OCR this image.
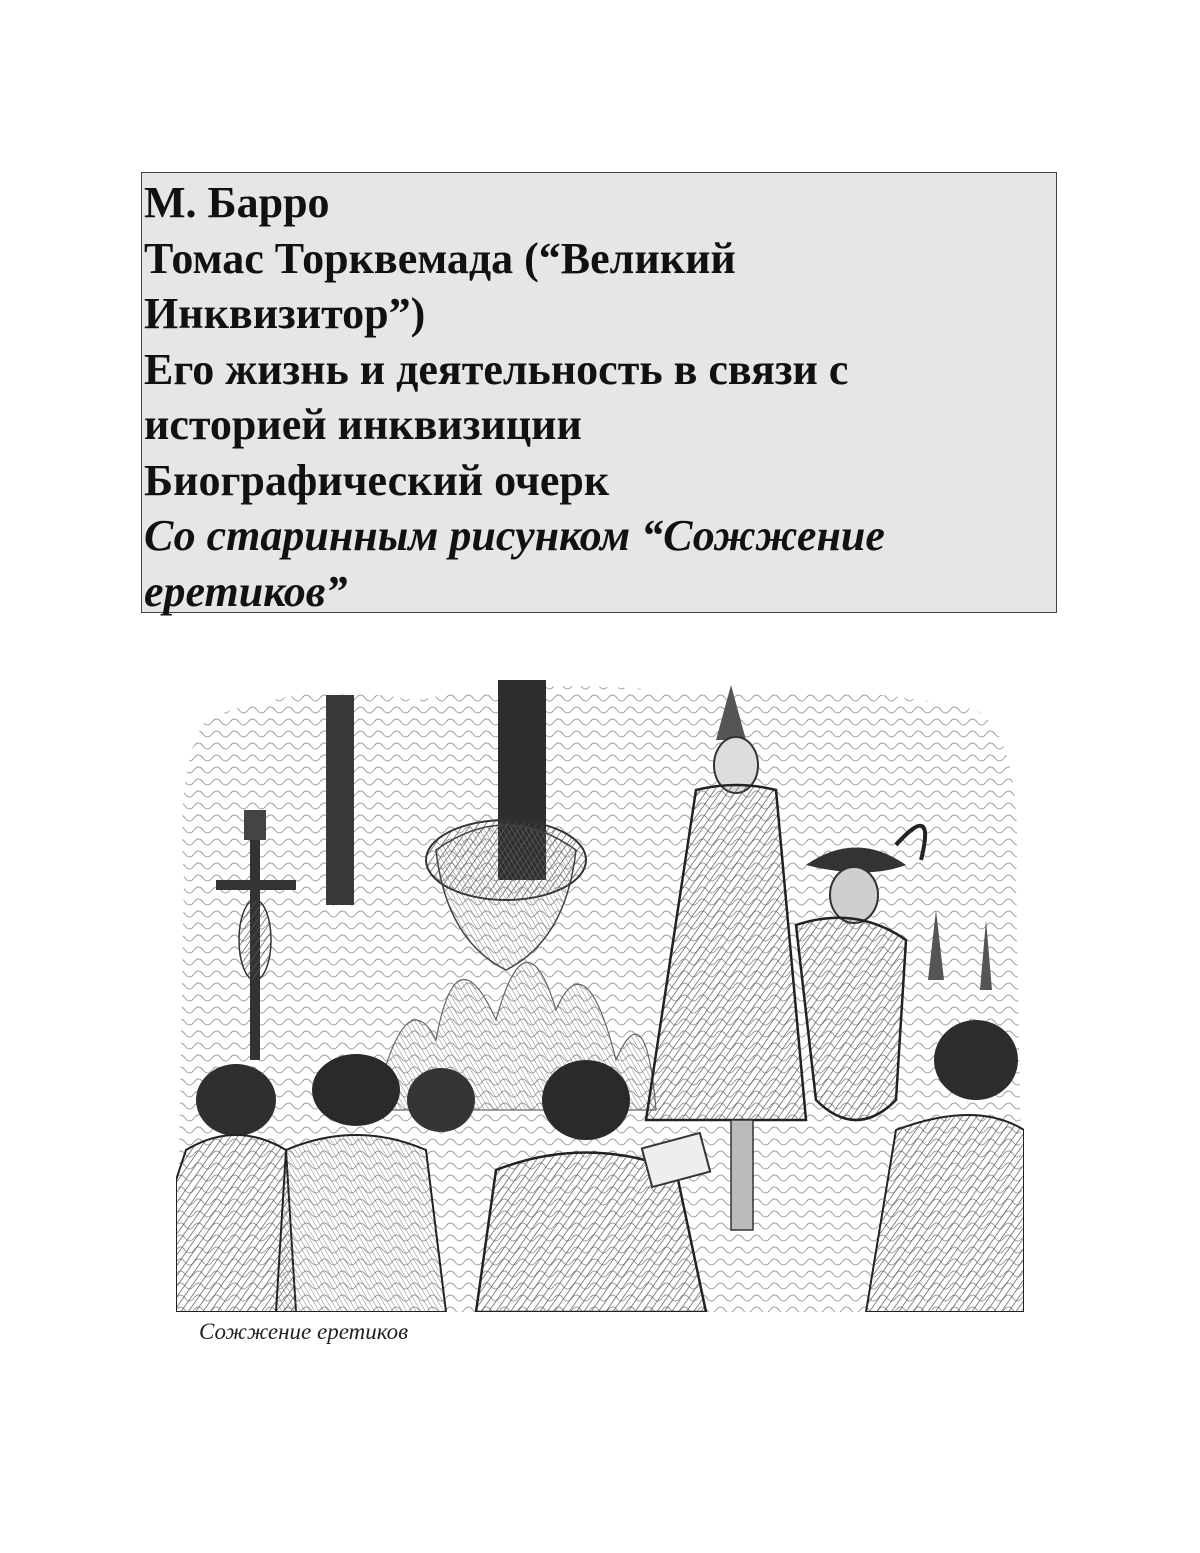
М. Барро

Томас Торквемада (“Великий

Инквизитор”)

Его жизнь и деятельность в связи с

историей инквизиции

Биографический очерк

Со старинным рисунком “Сожжение

еретиков”

Сожжение еретиков
